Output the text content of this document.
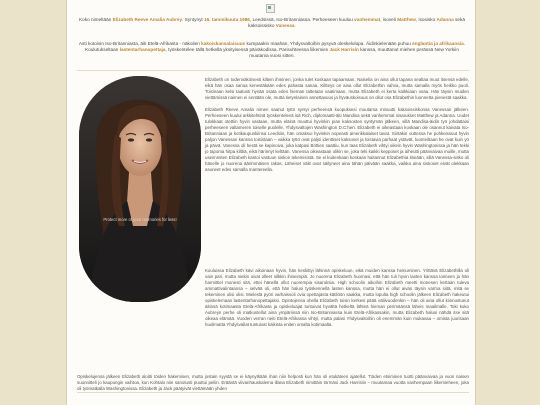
Koko nimeltään Elizabeth Reeve Amalia Aubrey. Syntynyt 16. tammikuuta 1986, Leedsissä, Iso-Britanniassa. Perheeseen kuuluu vanhemmat, isoveli Matthew, isosisko Adanna sekä kaksoissisko Vanessa.
Asti kotoisin Iso-Britanniasta, äiti Etelä-Afrikasta - näkoilen kakoiskansalaisuus kumpaakin maahan, Yhdysvaltoihin pysyvä oleskelulupa. Äidinkielenään puhuu englantia ja afrikaansia. Koulutukseltaan lastentarhanopettaja, työskentelee tällä hetkellä yksityisessä päiväkodissa. Parisuhteessa liikemies Jack Harrisin kanssa, muuttanut miehen perässä New Yorkiin muutama vuosi sitten.
Protect more of your memories for less!

Elizabeth on todennäköisesti kiltein ihminen, jonka tulet koskaan tapaamaan. Naiselia on aina ollut tapana sealtaa muut itsensä edelle, eikä hän osaa sanoa kenestäkään edes pahasta sanaa. Kiltteys on aina ollut Elizabethin vahva, mutta samalla myös heikko puoli. Toisinaan kelsi taatusti hyvää osata edes hieman taltetaan vaatimaan, mutta Elizabeth ei kerta kaikkiaan osaa. Hän täysin muiden viettämissä naimen ei sentään ole, mutta tietynlainen annettavuus ja hyväuskoisuus on ollut osa Elizabethin luonnetta pienestä saakka.

Elizabeth Reeve Amalia nimen saanut tyttö syntyi perheensä kuopuksesi muutama minuutti kaksoissiskonsa Vanessan jälkeen. Perheeseen kuului arkkitehtinä työskentelevä isä Rich, diplomaatti-äiti Mandisa sekä vanhemmat sisarukset Matthew ja Adanna. Uudet tulokkaat otettiin hyvin vastaan, mutta eläinä muuttui hyvinkin pian kaksosten syntymän jälkeen, sillä Mandisa-äidin työ johdattaisi perheeseen valtameren toiselle puolelle, Yhdysvaltojen Washington D.C:hen. Elizabeth ei oikeastaan koskaan ole osannut kaivata Iso-Britanniaan ja kotikaupunkiinsa Leedsiin, hän omaksui hyvinkin nopeasti amerikkalaiset tavat. Siirtäkin outtessa he pohkeissuut hyvin paljon Vanessan kanssa toisistaan – vaikka tyttö ovat paljsi identtiset kaksoset ja loistavia parhaat ystävät, luonteiltaan he ovat kuin yö ja päivä. Vanessa oli hestä se kapinoiva, joka katpasi Brittien saattiu, kun taas Elizabeth vihtyi oikein hyvin Washingtonissa ja hän tekki jo tapoma hitpa kilttiä, eikä härinnyt keltään. Vanessa oikeastaan olikin se, joka teki kaikki kepposet ja aiheutti päänvaivaa muille, mutta useimmiten Elizabeth kantoi vastuun siskon tekemisistä. Se ei kuitenkaan koskaan haitannut Elizabethia itseään, sillä Vanessa-sisko oli hänelle jo nuorena äärimmäisen rakas. Läheiset välit ovat säilyneet aina tähän päivään saakka, vaikka aina siskoset eivät olekkaan asuneet edes samalla mantereella.

Kouluissa Elizabeth kävi aikoinaan hyvin, hän keskittyi lähinnä opiskeluun, eikä muiden kanssa heinuminen. Yrittävä Elizabethilla oli vain pari, mutta niekin oivat olleet silkkin ihiseimpiä. Jo nuorena Elizabeth huomasi, että hän tuli hyvin lasten kanssa toimeen ja hän harmittiel monesti sitä, ettei hänellä ollut nuorempia sisaruksia. High schoolin aikoihin Elizabeth meetti monesen kertaan tuleva ammattivalintaansa – selvää oli, että hän halusi työskennellä lasten kanssa, mutta hän ei ollut aivan täysin varma siitä, mitä se tekeminen olisi olisi. Mieleslä pyöri varhaisvoli ovia opettajasta kätilöön saakka, mutta lopulta high schoolin jälkeen Elizabeth hakeutui opiskelemaan lastentarhanopettajaksi. Opintojensa ohella Elizabeth toisin kerkesi pitää väliivuodenkin – hän oli aina ollut kiinnostunut äitinsä kotimaasta Etelä-Afrikasta ja opiskeluajat tuntuivat hyvältä hetkeltä lähteä hieman perimäänsä läheis maailmalle. Toki koko Aubreyn perhe oli matkustellut aina ympäriinsä niin Iso-Britanniassa kuin Etelä-Afrikassakin, mutta Elizabeth halusi nähdä itse sitä oikeaa elämää. Vuoden verran neiti Etelä-Afrikassa vihtyi, mutta palasi Yhdysvaltoihin oli enemmän kuin mukavaa – omista juurisaan huolimatta Yhdysvallat tuntuivat kaikista eniten omalta kotimaalta.

Opiskelujensa jälkeen Elizabeth aloitti töiden hakemisen, mutta jostain syystä se ei käynytkään ihan niin helposti kun hän oli etukäteen ajatellut. Töiden etsiminen tuotti päänvaivaa ja vuon naisen suunnitteli jo kaupungin vaihtoa, kun Kohtalo niin sanotusti puuttui peliin. Erääntä viivanhauskalema illana Elizabeth nimittäin törmäsi Jack Harrisiin – muutamaa vuotta vanhempaan liikemieheen, joka oli työmatkalla Washingtonissa. Elizabeth ja Jack päätyivät viettämään yhden
